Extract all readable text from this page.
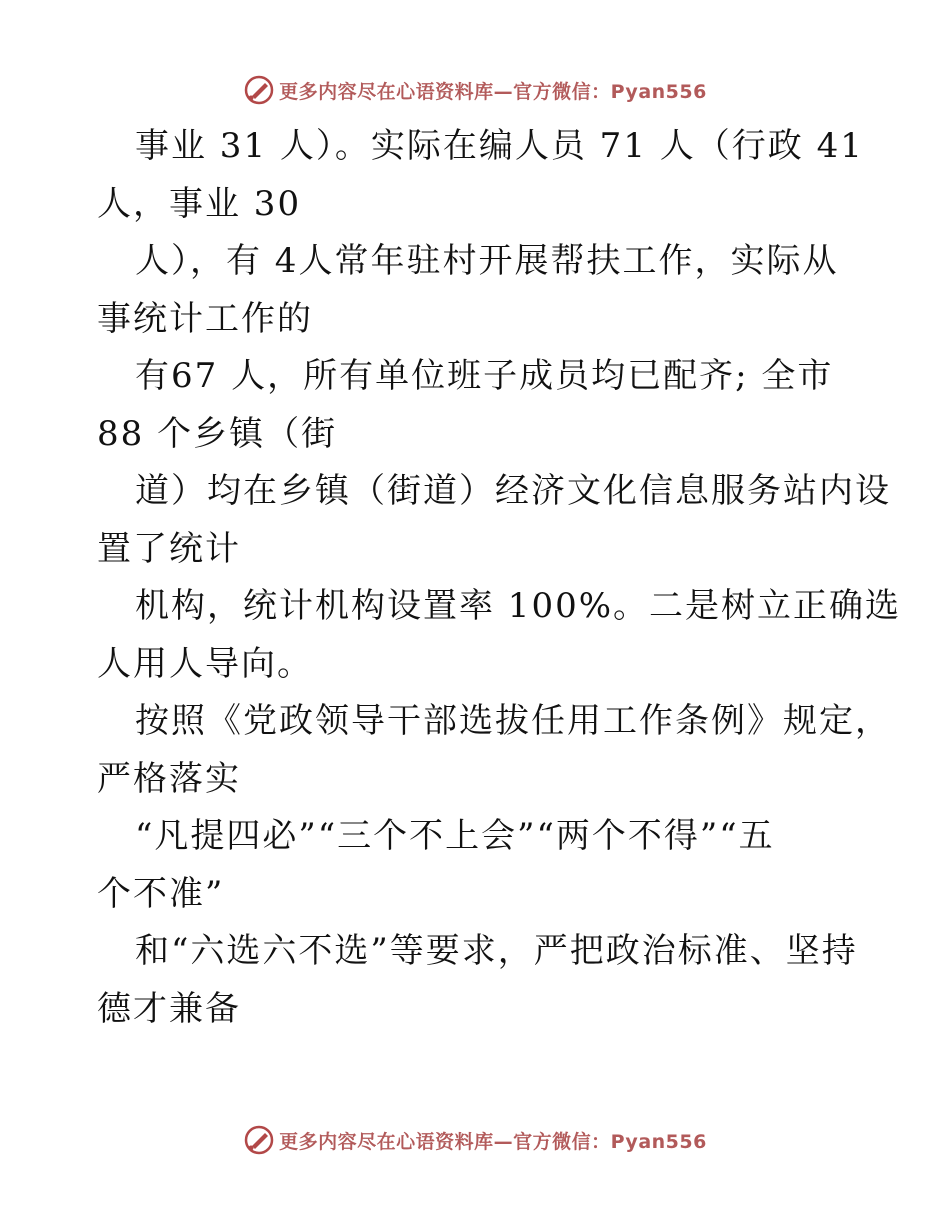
更多内容尽在心语资料库—官方微信：Pyan556
事业 31 人）。实际在编人员 71 人（行政 41
人，事业 30
人），有 4人常年驻村开展帮扶工作，实际从
事统计工作的
有67 人，所有单位班子成员均已配齐; 全市
88 个乡镇（街
道）均在乡镇（街道）经济文化信息服务站内设
置了统计
机构，统计机构设置率 100%。二是树立正确选
人用人导向。
按照《党政领导干部选拔任用工作条例》规定，
严格落实
“凡提四必”“三个不上会”“两个不得”“五
个不准”
和“六选六不选”等要求，严把政治标准、坚持
德才兼备
更多内容尽在心语资料库—官方微信：Pyan556
